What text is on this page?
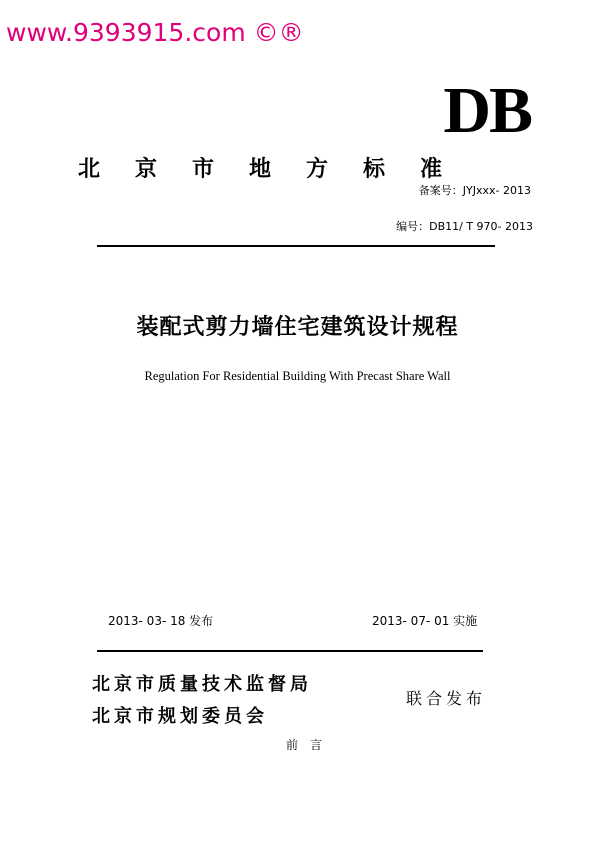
www.9393915.com ©®
DB
北京市地方标准
备案号：JYJxxx- 2013
编号：DB11/ T 970- 2013
装配式剪力墙住宅建筑设计规程
Regulation For Residential Building With Precast Share Wall
2013- 03- 18 发布	2013- 07- 01 实施
北京市质量技术监督局
北京市规划委员会
联合发布
前言
